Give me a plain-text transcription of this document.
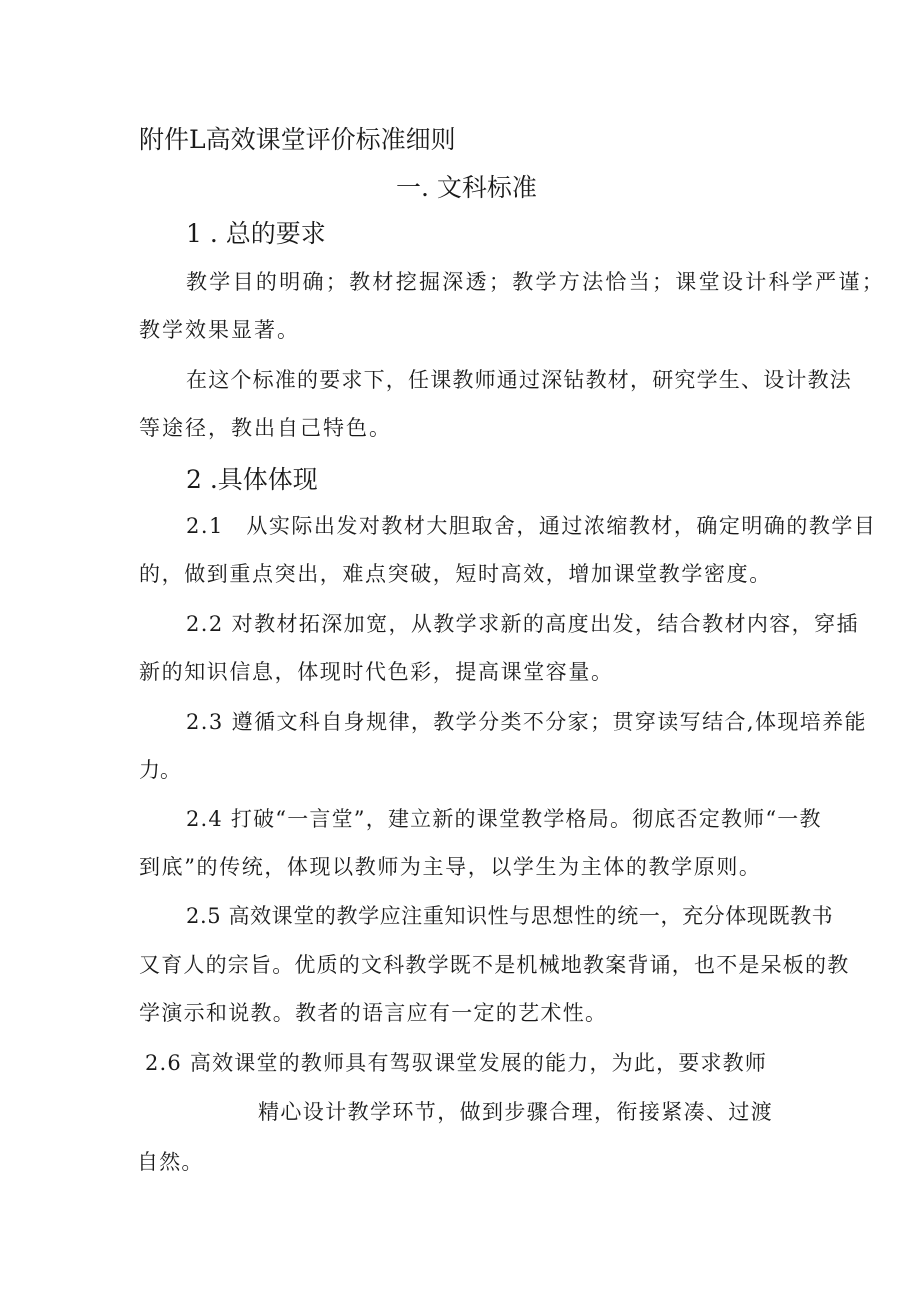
附件L高效课堂评价标准细则
一. 文科标准
1 . 总的要求
教学目的明确；教材挖掘深透；教学方法恰当；课堂设计科学严谨；
教学效果显著。
在这个标准的要求下，任课教师通过深钻教材，研究学生、设计教法
等途径，教出自己特色。
2 .具体体现
2.1　从实际出发对教材大胆取舍，通过浓缩教材，确定明确的教学目
的，做到重点突出，难点突破，短时高效，增加课堂教学密度。
2.2 对教材拓深加宽，从教学求新的高度出发，结合教材内容，穿插
新的知识信息，体现时代色彩，提高课堂容量。
2.3 遵循文科自身规律，教学分类不分家；贯穿读写结合,体现培养能
力。
2.4 打破“一言堂”，建立新的课堂教学格局。彻底否定教师“一教
到底”的传统，体现以教师为主导，以学生为主体的教学原则。
2.5 高效课堂的教学应注重知识性与思想性的统一，充分体现既教书
又育人的宗旨。优质的文科教学既不是机械地教案背诵，也不是呆板的教
学演示和说教。教者的语言应有一定的艺术性。
2.6 高效课堂的教师具有驾驭课堂发展的能力，为此，要求教师
精心设计教学环节，做到步骤合理，衔接紧凑、过渡
自然。
